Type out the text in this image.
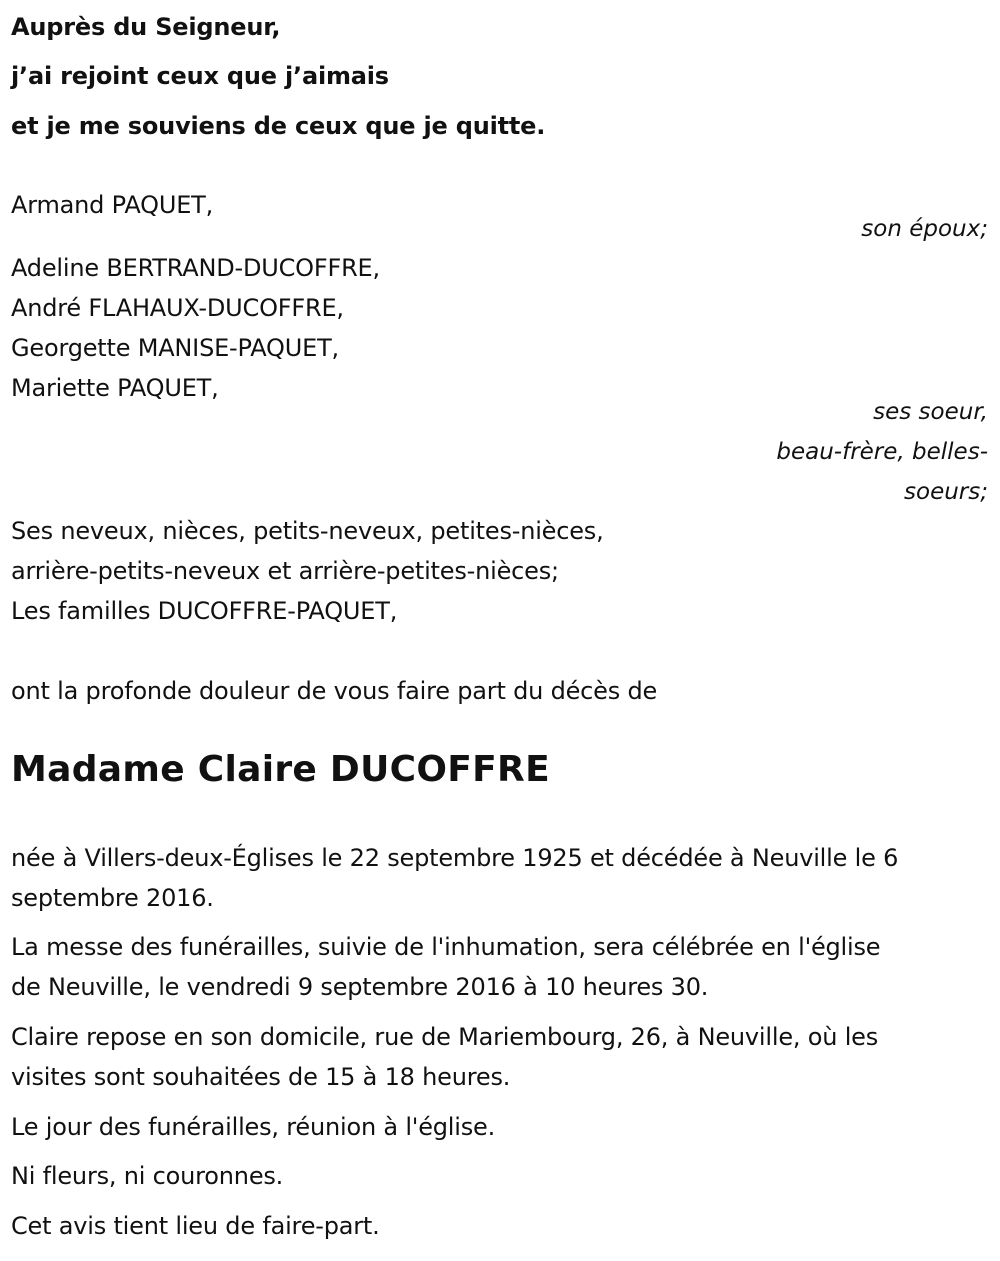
Auprès du Seigneur,
j’ai rejoint ceux que j’aimais
et je me souviens de ceux que je quitte.
Armand PAQUET,
son époux;
Adeline BERTRAND-DUCOFFRE,
André FLAHAUX-DUCOFFRE,
Georgette MANISE-PAQUET,
Mariette PAQUET,
ses soeur,
beau-frère, belles-
soeurs;
Ses neveux, nièces, petits-neveux, petites-nièces,
arrière-petits-neveux et arrière-petites-nièces;
Les familles DUCOFFRE-PAQUET,
ont la profonde douleur de vous faire part du décès de
Madame Claire DUCOFFRE
née à Villers-deux-Églises le 22 septembre 1925 et décédée à Neuville le 6
septembre 2016.
La messe des funérailles, suivie de l'inhumation, sera célébrée en l'église
de Neuville, le vendredi 9 septembre 2016 à 10 heures 30.
Claire repose en son domicile, rue de Mariembourg, 26, à Neuville, où les
visites sont souhaitées de 15 à 18 heures.
Le jour des funérailles, réunion à l'église.
Ni fleurs, ni couronnes.
Cet avis tient lieu de faire-part.
